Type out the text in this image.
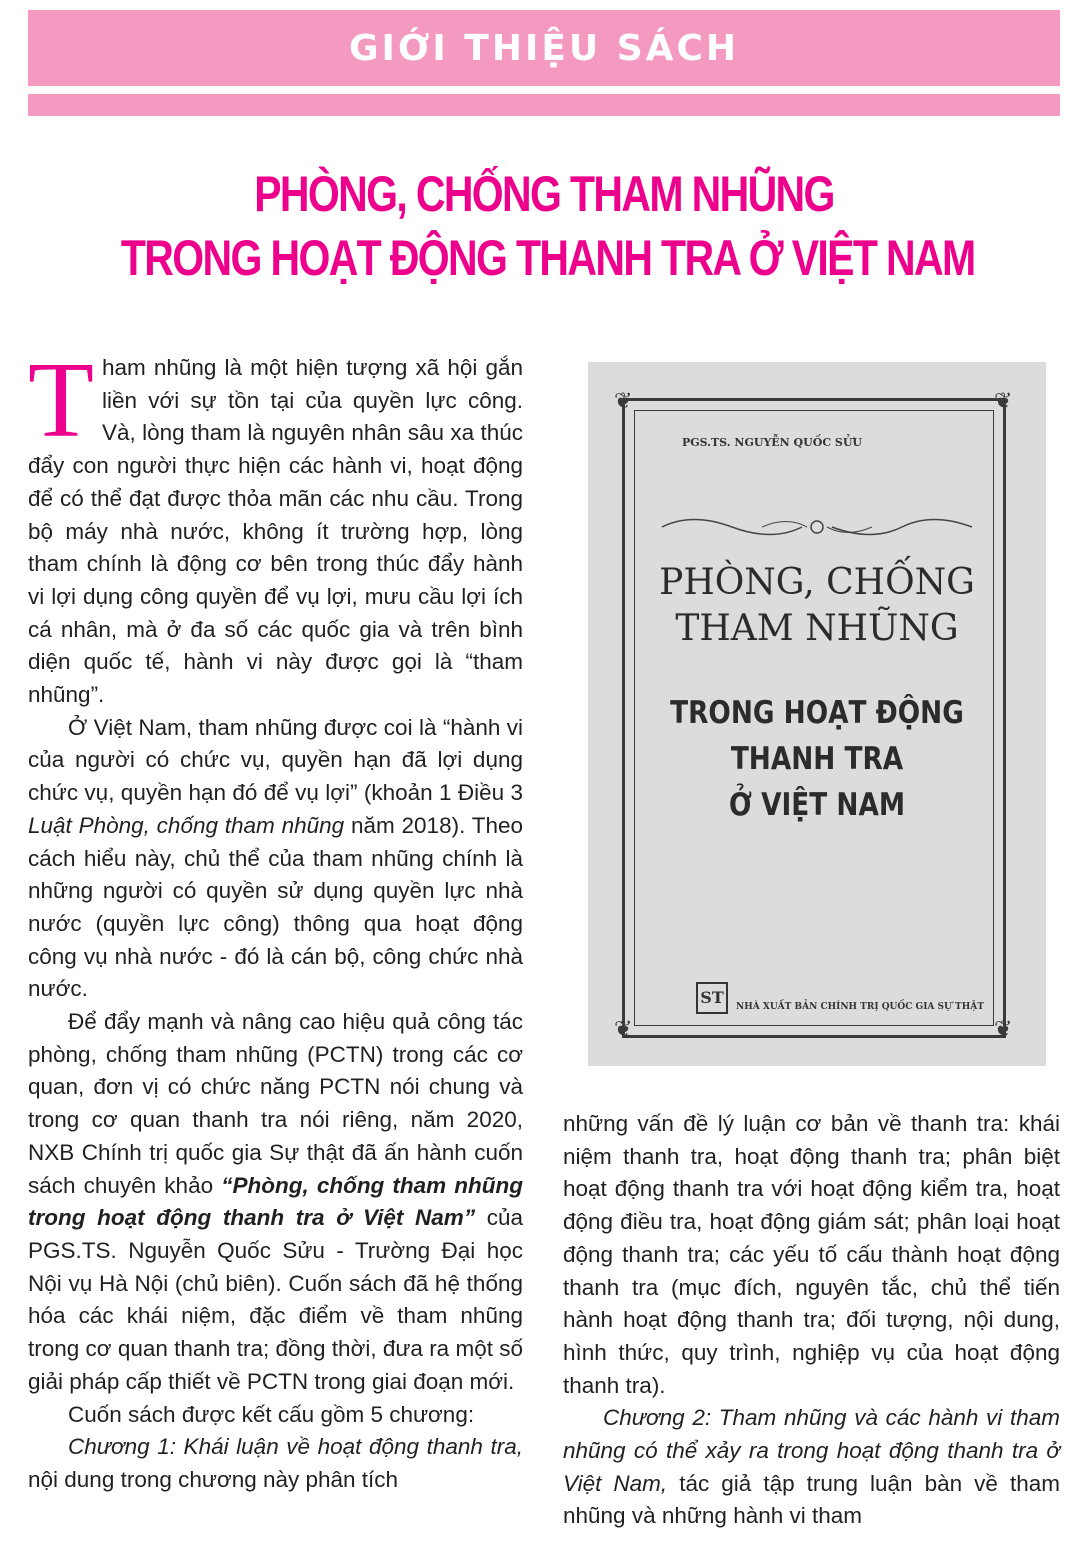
GIỚI THIỆU SÁCH
PHÒNG, CHỐNG THAM NHŨNG
TRONG HOẠT ĐỘNG THANH TRA Ở VIỆT NAM

Tham nhũng là một hiện tượng xã hội gắn liền với sự tồn tại của quyền lực công. Và, lòng tham là nguyên nhân sâu xa thúc đẩy con người thực hiện các hành vi, hoạt động để có thể đạt được thỏa mãn các nhu cầu. Trong bộ máy nhà nước, không ít trường hợp, lòng tham chính là động cơ bên trong thúc đẩy hành vi lợi dụng công quyền để vụ lợi, mưu cầu lợi ích cá nhân, mà ở đa số các quốc gia và trên bình diện quốc tế, hành vi này được gọi là “tham nhũng”.

Ở Việt Nam, tham nhũng được coi là “hành vi của người có chức vụ, quyền hạn đã lợi dụng chức vụ, quyền hạn đó để vụ lợi” (khoản 1 Điều 3 Luật Phòng, chống tham nhũng năm 2018). Theo cách hiểu này, chủ thể của tham nhũng chính là những người có quyền sử dụng quyền lực nhà nước (quyền lực công) thông qua hoạt động công vụ nhà nước - đó là cán bộ, công chức nhà nước.

Để đẩy mạnh và nâng cao hiệu quả công tác phòng, chống tham nhũng (PCTN) trong các cơ quan, đơn vị có chức năng PCTN nói chung và trong cơ quan thanh tra nói riêng, năm 2020, NXB Chính trị quốc gia Sự thật đã ấn hành cuốn sách chuyên khảo “Phòng, chống tham nhũng trong hoạt động thanh tra ở Việt Nam” của PGS.TS. Nguyễn Quốc Sửu - Trường Đại học Nội vụ Hà Nội (chủ biên). Cuốn sách đã hệ thống hóa các khái niệm, đặc điểm về tham nhũng trong cơ quan thanh tra; đồng thời, đưa ra một số giải pháp cấp thiết về PCTN trong giai đoạn mới.

Cuốn sách được kết cấu gồm 5 chương:

Chương 1: Khái luận về hoạt động thanh tra, nội dung trong chương này phân tích

❦	❦
❦	❦
PGS.TS. NGUYỄN QUỐC SỬU
PHÒNG, CHỐNG
THAM NHŨNG
TRONG HOẠT ĐỘNG
THANH TRA
Ở VIỆT NAM
ST	NHÀ XUẤT BẢN CHÍNH TRỊ QUỐC GIA SỰ THẬT

những vấn đề lý luận cơ bản về thanh tra: khái niệm thanh tra, hoạt động thanh tra; phân biệt hoạt động thanh tra với hoạt động kiểm tra, hoạt động điều tra, hoạt động giám sát; phân loại hoạt động thanh tra; các yếu tố cấu thành hoạt động thanh tra (mục đích, nguyên tắc, chủ thể tiến hành hoạt động thanh tra; đối tượng, nội dung, hình thức, quy trình, nghiệp vụ của hoạt động thanh tra).

Chương 2: Tham nhũng và các hành vi tham nhũng có thể xảy ra trong hoạt động thanh tra ở Việt Nam, tác giả tập trung luận bàn về tham nhũng và những hành vi tham
